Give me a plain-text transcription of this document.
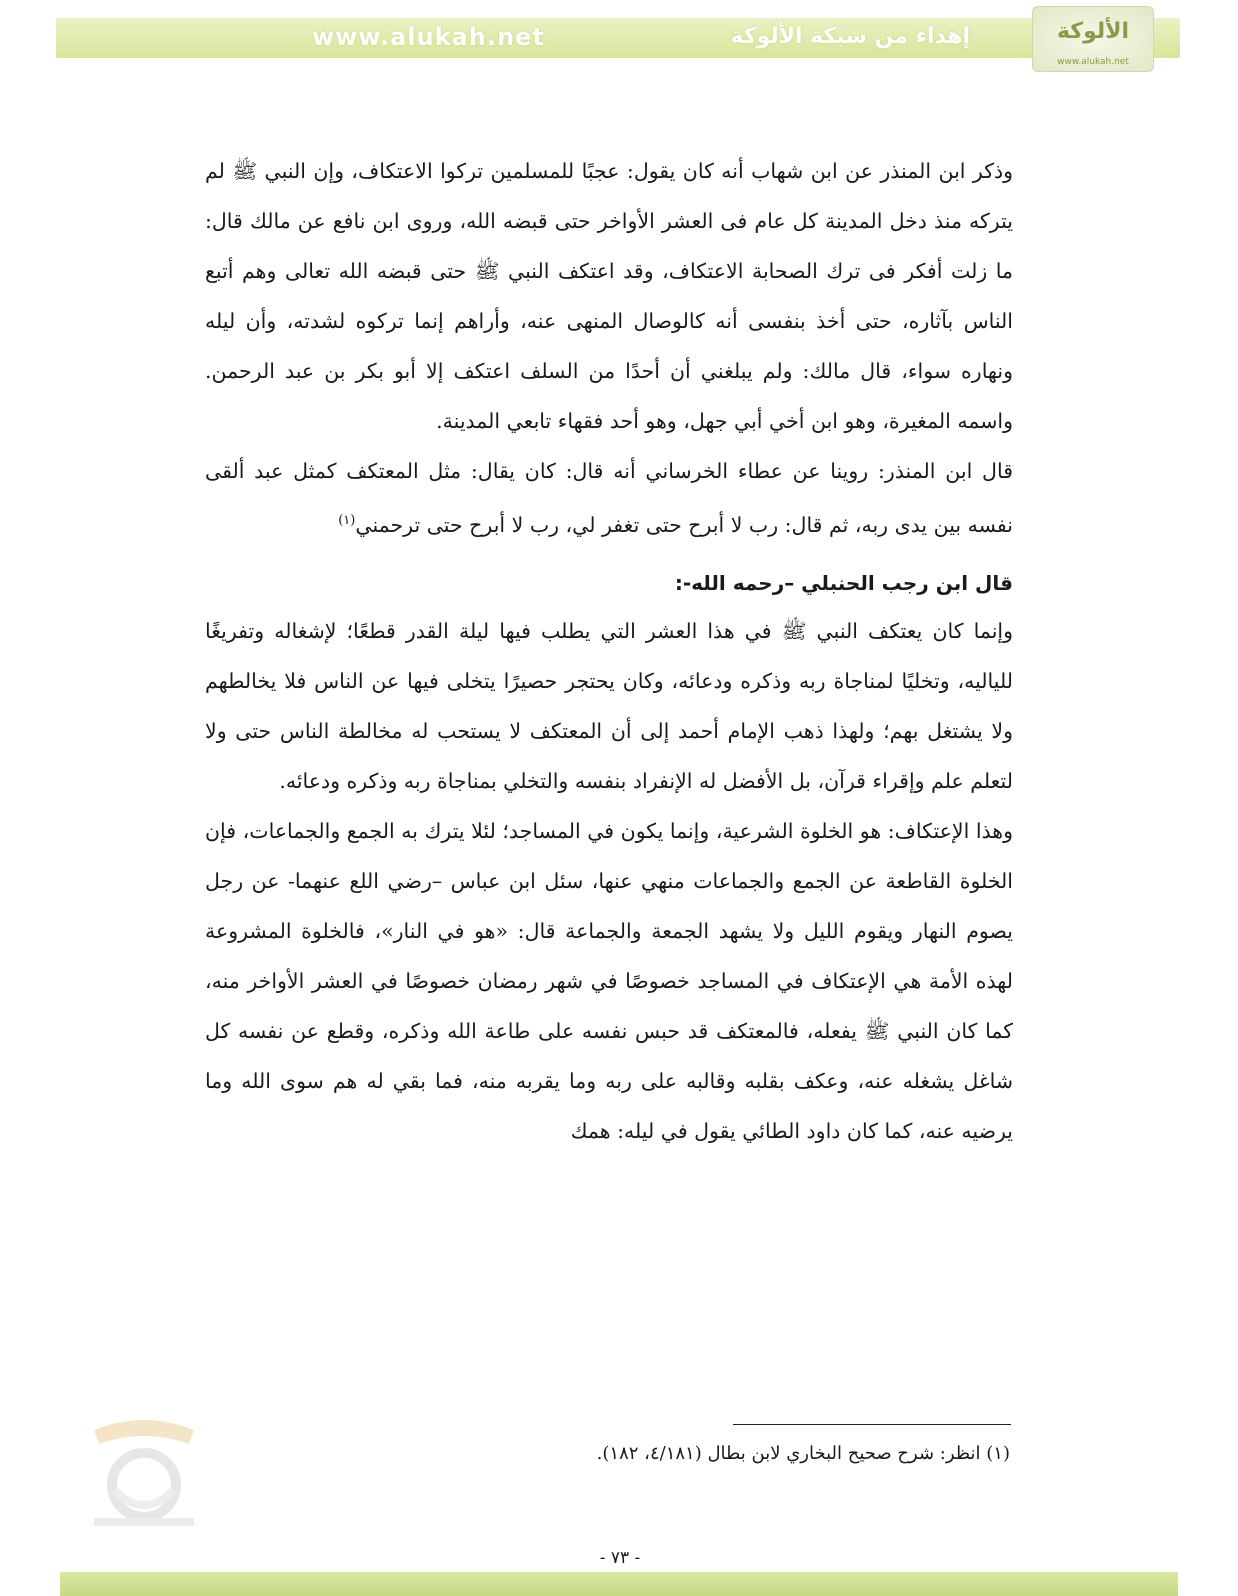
www.alukah.net	إهداء من شبكة الألوكة	الألوكة
www.alukah.net

وذكر ابن المنذر عن ابن شهاب أنه كان يقول: عجبًا للمسلمين تركوا الاعتكاف، وإن النبي ﷺ لم يتركه منذ دخل المدينة كل عام فى العشر الأواخر حتى قبضه الله، وروى ابن نافع عن مالك قال: ما زلت أفكر فى ترك الصحابة الاعتكاف، وقد اعتكف النبي ﷺ حتى قبضه الله تعالى وهم أتبع الناس بآثاره، حتى أخذ بنفسى أنه كالوصال المنهى عنه، وأراهم إنما تركوه لشدته، وأن ليله ونهاره سواء، قال مالك: ولم يبلغني أن أحدًا من السلف اعتكف إلا أبو بكر بن عبد الرحمن. واسمه المغيرة، وهو ابن أخي أبي جهل، وهو أحد فقهاء تابعي المدينة.

قال ابن المنذر: روينا عن عطاء الخرساني أنه قال: كان يقال: مثل المعتكف كمثل عبد ألقى نفسه بين يدى ربه، ثم قال: رب لا أبرح حتى تغفر لي، رب لا أبرح حتى ترحمني$^{(١)}$

قال ابن رجب الحنبلي –رحمه الله-:

وإنما كان يعتكف النبي ﷺ في هذا العشر التي يطلب فيها ليلة القدر قطعًا؛ لإشغاله وتفريغًا للياليه، وتخليًا لمناجاة ربه وذكره ودعائه، وكان يحتجر حصيرًا يتخلى فيها عن الناس فلا يخالطهم ولا يشتغل بهم؛ ولهذا ذهب الإمام أحمد إلى أن المعتكف لا يستحب له مخالطة الناس حتى ولا لتعلم علم وإقراء قرآن، بل الأفضل له الإنفراد بنفسه والتخلي بمناجاة ربه وذكره ودعائه.

وهذا الإعتكاف: هو الخلوة الشرعية، وإنما يكون في المساجد؛ لئلا يترك به الجمع والجماعات، فإن الخلوة القاطعة عن الجمع والجماعات منهي عنها، سئل ابن عباس –رضي اللع عنهما- عن رجل يصوم النهار ويقوم الليل ولا يشهد الجمعة والجماعة قال: «هو في النار»، فالخلوة المشروعة لهذه الأمة هي الإعتكاف في المساجد خصوصًا في شهر رمضان خصوصًا في العشر الأواخر منه، كما كان النبي ﷺ يفعله، فالمعتكف قد حبس نفسه على طاعة الله وذكره، وقطع عن نفسه كل شاغل يشغله عنه، وعكف بقلبه وقالبه على ربه وما يقربه منه، فما بقي له هم سوى الله وما يرضيه عنه، كما كان داود الطائي يقول في ليله: همك

(١) انظر: شرح صحيح البخاري لابن بطال (٤/١٨١، ١٨٢).
- ٧٣ -
